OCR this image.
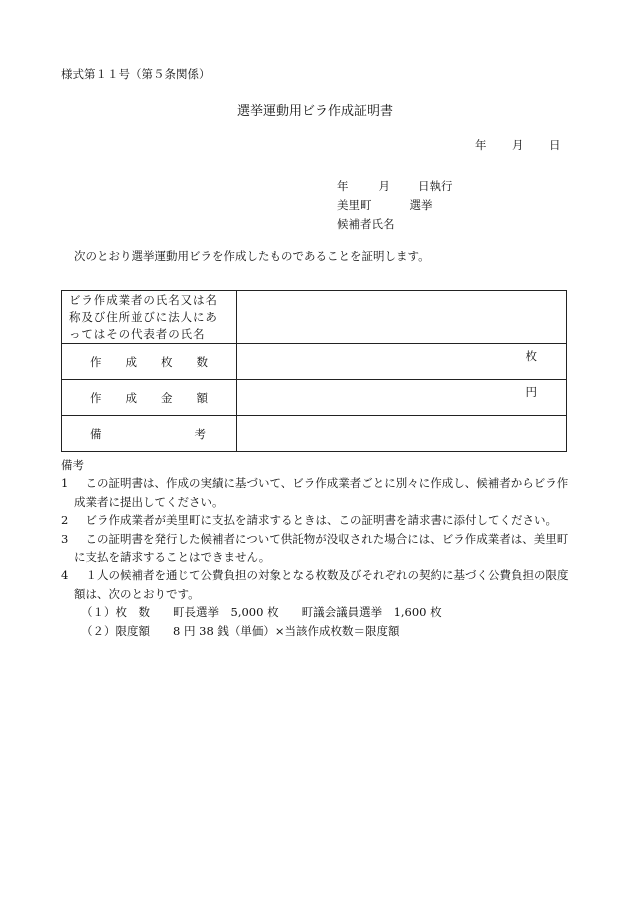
様式第１１号（第５条関係）
選挙運動用ビラ作成証明書
年 月 日
年	月 日執行
美里町	選挙
候補者氏名
次のとおり選挙運動用ビラを作成したものであることを証明します。
ビラ作成業者の氏名又は名
称及び住所並びに法人にあ
ってはその代表者の氏名	

作 成 枚 数	枚

作 成 金 額	円

備 考	

備考
1　この証明書は、作成の実績に基づいて、ビラ作成業者ごとに別々に作成し、候補者からビラ作成業者に提出してください。
2　ビラ作成業者が美里町に支払を請求するときは、この証明書を請求書に添付してください。
3　この証明書を発行した候補者について供託物が没収された場合には、ビラ作成業者は、美里町に支払を請求することはできません。
4　１人の候補者を通じて公費負担の対象となる枚数及びそれぞれの契約に基づく公費負担の限度額は、次のとおりです。
（１）枚　数　　町長選挙　5,000 枚　　町議会議員選挙　1,600 枚
（２）限度額　　8 円 38 銭（単価）×当該作成枚数＝限度額
